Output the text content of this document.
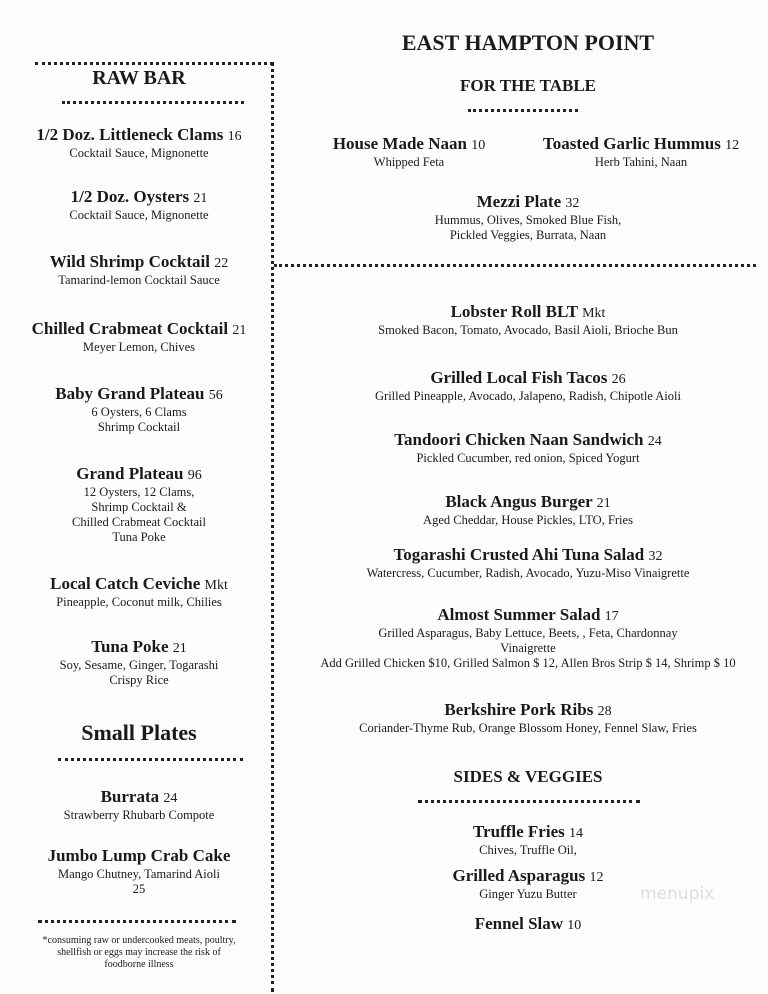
RAW BAR
Small Plates
*consuming raw or undercooked meats, poultry,
shellfish or eggs may increase the risk of
foodborne illness
EAST HAMPTON POINT
FOR THE TABLE
SIDES & VEGGIES
menupix
1/2 Doz. Littleneck Clams 16
Cocktail Sauce, Mignonette
1/2 Doz. Oysters 21
Cocktail Sauce, Mignonette
Wild Shrimp Cocktail 22
Tamarind-lemon Cocktail Sauce
Chilled Crabmeat Cocktail 21
Meyer Lemon, Chives
Baby Grand Plateau 56
6 Oysters, 6 Clams
Shrimp Cocktail
Grand Plateau 96
12 Oysters, 12 Clams,
Shrimp Cocktail &
Chilled Crabmeat Cocktail
Tuna Poke
Local Catch Ceviche Mkt
Pineapple, Coconut milk, Chilies
Tuna Poke 21
Soy, Sesame, Ginger, Togarashi
Crispy Rice
Burrata 24
Strawberry Rhubarb Compote
Jumbo Lump Crab Cake
Mango Chutney, Tamarind Aioli
25
House Made Naan 10
Whipped Feta
Toasted Garlic Hummus 12
Herb Tahini, Naan
Mezzi Plate 32
Hummus, Olives, Smoked Blue Fish,
Pickled Veggies, Burrata, Naan
Lobster Roll BLT Mkt
Smoked Bacon, Tomato, Avocado, Basil Aioli, Brioche Bun
Grilled Local Fish Tacos 26
Grilled Pineapple, Avocado, Jalapeno, Radish, Chipotle Aioli
Tandoori Chicken Naan Sandwich 24
Pickled Cucumber, red onion, Spiced Yogurt
Black Angus Burger 21
Aged Cheddar, House Pickles, LTO, Fries
Togarashi Crusted Ahi Tuna Salad 32
Watercress, Cucumber, Radish, Avocado, Yuzu-Miso Vinaigrette
Almost Summer Salad 17
Grilled Asparagus, Baby Lettuce, Beets, , Feta, Chardonnay
Vinaigrette
Add Grilled Chicken $10, Grilled Salmon $ 12, Allen Bros Strip $ 14, Shrimp $ 10
Berkshire Pork Ribs 28
Coriander-Thyme Rub, Orange Blossom Honey, Fennel Slaw, Fries
Truffle Fries 14
Chives, Truffle Oil,
Grilled Asparagus 12
Ginger Yuzu Butter
Fennel Slaw 10
